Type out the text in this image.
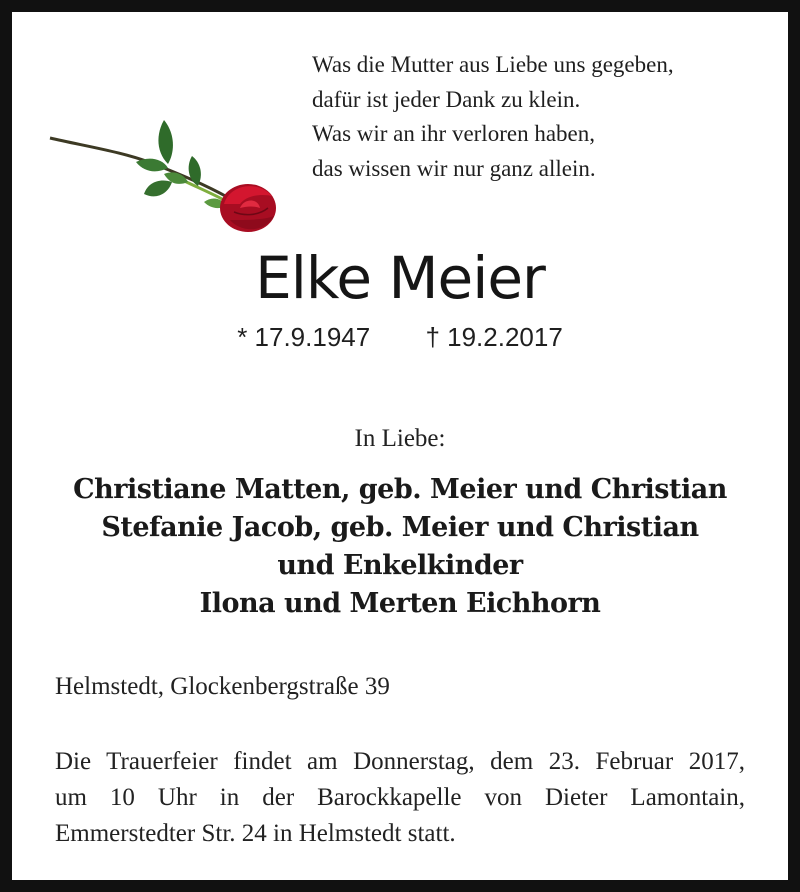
Was die Mutter aus Liebe uns gegeben,
dafür ist jeder Dank zu klein.
Was wir an ihr verloren haben,
das wissen wir nur ganz allein.
Elke Meier
* 17.9.1947 † 19.2.2017
In Liebe:
Christiane Matten, geb. Meier und Christian
Stefanie Jacob, geb. Meier und Christian
und Enkelkinder
Ilona und Merten Eichhorn
Helmstedt, Glockenbergstraße 39
Die Trauerfeier findet am Donnerstag, dem 23. Februar 2017,
um 10 Uhr in der Barockkapelle von Dieter Lamontain,
Emmerstedter Str. 24 in Helmstedt statt.
